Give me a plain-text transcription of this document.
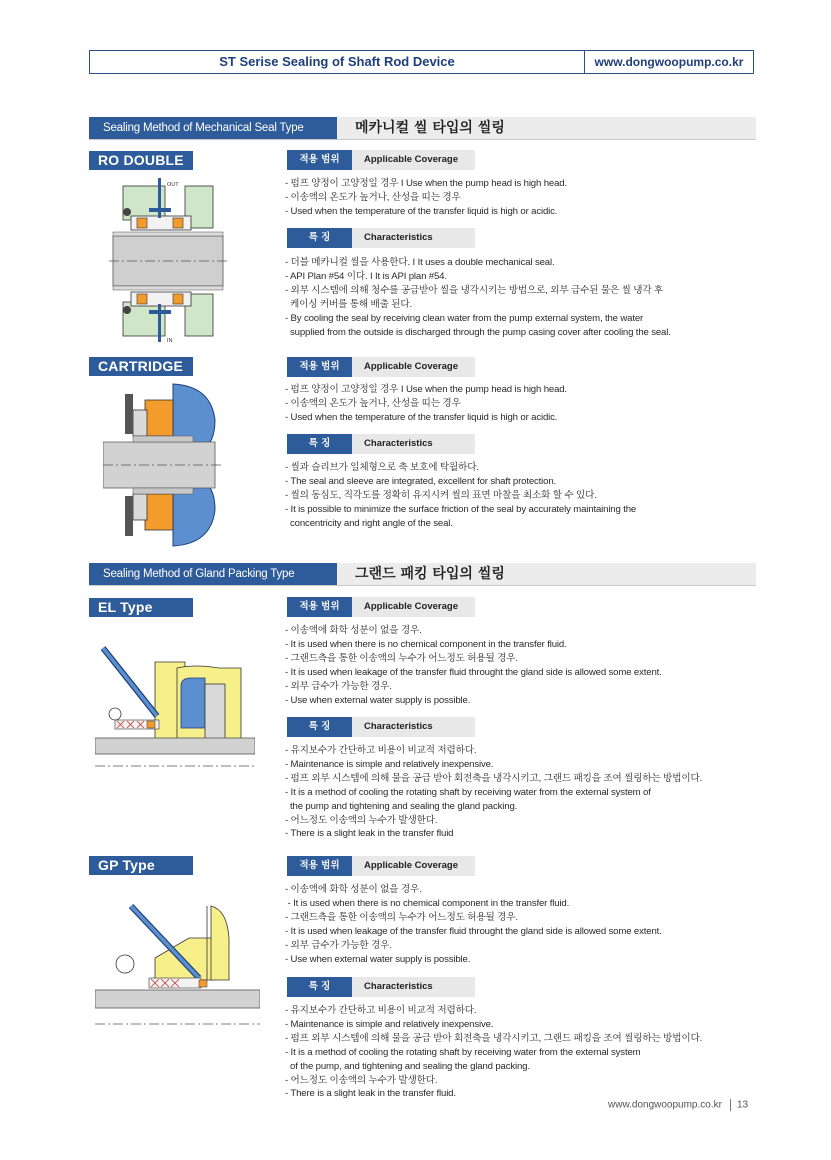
ST Serise Sealing of Shaft Rod Device	www.dongwoopump.co.kr
Sealing Method of Mechanical Seal Type	메카니컬 씰 타입의 씰링
RO DOUBLE
OUT
IN
적용 범위	Applicable Coverage
- 펌프 양정이 고양정일 경우 I Use when the pump head is high head.
- 이송액의 온도가 높거나, 산성을 띠는 경우
- Used when the temperature of the transfer liquid is high or acidic.
특 징	Characteristics
- 더블 메카니컬 씰을 사용한다. I It uses a double mechanical seal.
- API Plan #54 이다. I It is API plan #54.
- 외부 시스템에 의해 청수를 공급받아 씰을 냉각시키는 방법으로, 외부 급수된 물은 씰 냉각 후
케이싱 커버를 통해 배출 된다.
- By cooling the seal by receiving clean water from the pump external system, the water
supplied from the outside is discharged through the pump casing cover after cooling the seal.
CARTRIDGE	적용 범위	Applicable Coverage
- 펌프 양정이 고양정일 경우 I Use when the pump head is high head.
- 이송액의 온도가 높거나, 산성을 띠는 경우
- Used when the temperature of the transfer liquid is high or acidic.
특 징	Characteristics
- 씰과 슬리브가 일체형으로 축 보호에 탁월하다.
- The seal and sleeve are integrated, excellent for shaft protection.
- 씰의 동심도, 직각도를 정확히 유지시켜 씰의 표면 마찰을 최소화 할 수 있다.
- It is possible to minimize the surface friction of the seal by accurately maintaining the
concentricity and right angle of the seal.
Sealing Method of Gland Packing Type	그랜드 패킹 타입의 씰링
EL Type	적용 범위	Applicable Coverage
- 이송액에 화학 성분이 없을 경우.
- It is used when there is no chemical component in the transfer fluid.
- 그랜드측을 통한 이송액의 누수가 어느정도 허용될 경우.
- It is used when leakage of the transfer fluid throught the gland side is allowed some extent.
- 외부 급수가 가능한 경우.
- Use when external water supply is possible.
특 징	Characteristics
- 유지보수가 간단하고 비용이 비교적 저렴하다.
- Maintenance is simple and relatively inexpensive.
- 펌프 외부 시스템에 의해 물을 공급 받아 회전축을 냉각시키고, 그랜드 패킹을 조여 씰링하는 방법이다.
- It is a method of cooling the rotating shaft by receiving water from the external system of
the pump and tightening and sealing the gland packing.
- 어느정도 이송액의 누수가 발생한다.
- There is a slight leak in the transfer fluid
GP Type	적용 범위	Applicable Coverage
- 이송액에 화학 성분이 없을 경우.
- It is used when there is no chemical component in the transfer fluid.
- 그랜드측을 통한 이송액의 누수가 어느정도 허용될 경우.
- It is used when leakage of the transfer fluid throught the gland side is allowed some extent.
- 외부 급수가 가능한 경우.
- Use when external water supply is possible.
특 징	Characteristics
- 유지보수가 간단하고 비용이 비교적 저렴하다.
- Maintenance is simple and relatively inexpensive.
- 펌프 외부 시스템에 의해 물을 공급 받아 회전축을 냉각시키고, 그랜드 패킹을 조여 씰링하는 방법이다.
- It is a method of cooling the rotating shaft by receiving water from the external system
of the pump, and tightening and sealing the gland packing.
- 어느정도 이송액의 누수가 발생한다.
- There is a slight leak in the transfer fluid.
www.dongwoopump.co.kr 13
